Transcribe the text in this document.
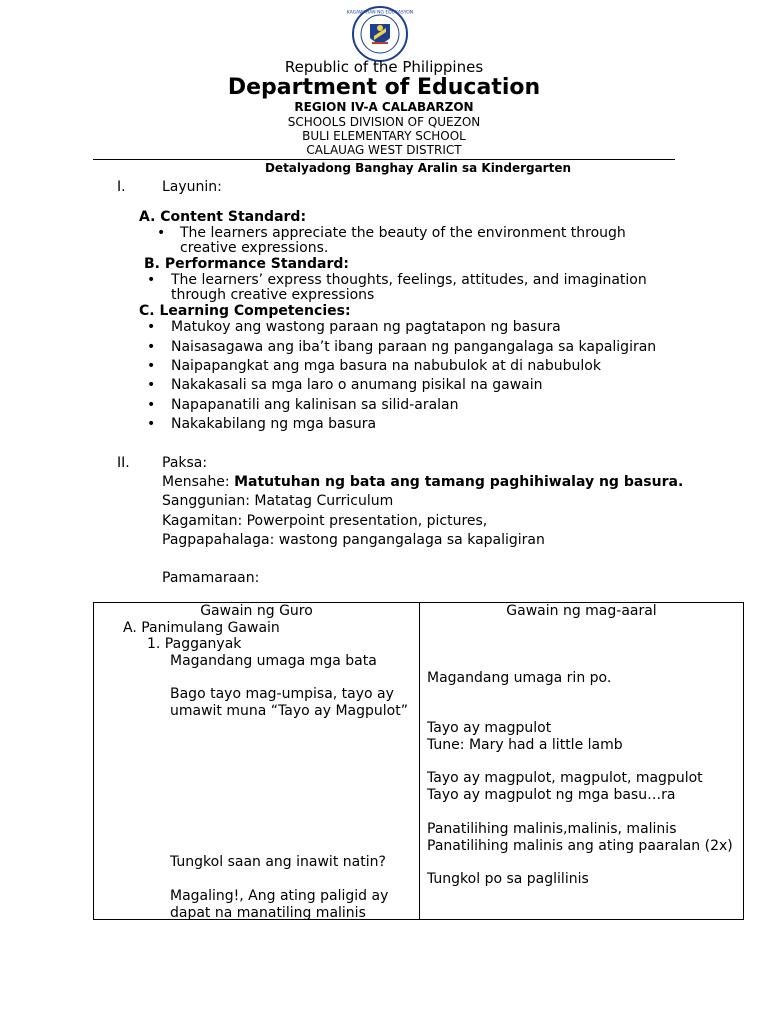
KAGAWARAN NG EDUKASYON
Republic of the Philippines
Department of Education
REGION IV-A CALABARZON
SCHOOLS DIVISION OF QUEZON
BULI ELEMENTARY SCHOOL
CALAUAG WEST DISTRICT
Detalyadong Banghay Aralin sa Kindergarten
I.	Layunin:
A. Content Standard:
• The learners appreciate the beauty of the environment through
creative expressions.
B. Performance Standard:
• The learners’ express thoughts, feelings, attitudes, and imagination
through creative expressions
C. Learning Competencies:
• Matukoy ang wastong paraan ng pagtatapon ng basura
• Naisasagawa ang iba’t ibang paraan ng pangangalaga sa kapaligiran
• Naipapangkat ang mga basura na nabubulok at di nabubulok
• Nakakasali sa mga laro o anumang pisikal na gawain
• Napapanatili ang kalinisan sa silid-aralan
• Nakakabilang ng mga basura
II. Paksa:
Mensahe: Matutuhan ng bata ang tamang paghihiwalay ng basura.
Sanggunian: Matatag Curriculum
Kagamitan: Powerpoint presentation, pictures,
Pagpapahalaga: wastong pangangalaga sa kapaligiran
Pamamaraan:
Gawain ng Guro	Gawain ng mag-aaral
A. Panimulang Gawain
1. Pagganyak
Magandang umaga mga bata
Bago tayo mag-umpisa, tayo ay
umawit muna “Tayo ay Magpulot”
Tungkol saan ang inawit natin?
Magaling!, Ang ating paligid ay
dapat na manatiling malinis
Magandang umaga rin po.
Tayo ay magpulot
Tune: Mary had a little lamb
Tayo ay magpulot, magpulot, magpulot
Tayo ay magpulot ng mga basu…ra
Panatilihing malinis,malinis, malinis
Panatilihing malinis ang ating paaralan (2x)
Tungkol po sa paglilinis
